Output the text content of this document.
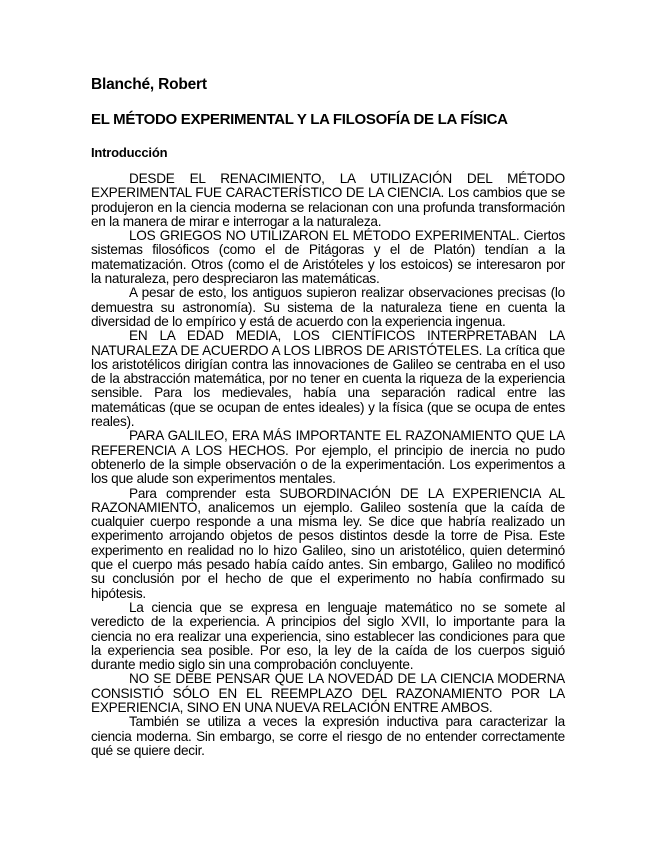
Blanché, Robert
EL MÉTODO EXPERIMENTAL Y LA FILOSOFÍA DE LA FÍSICA
Introducción

DESDE EL RENACIMIENTO, LA UTILIZACIÓN DEL MÉTODO EXPERIMENTAL FUE CARACTERÍSTICO DE LA CIENCIA. Los cambios que se produjeron en la ciencia moderna se relacionan con una profunda transformación en la manera de mirar e interrogar a la naturaleza.

LOS GRIEGOS NO UTILIZARON EL MÉTODO EXPERIMENTAL. Ciertos sistemas filosóficos (como el de Pitágoras y el de Platón) tendían a la matematización. Otros (como el de Aristóteles y los estoicos) se interesaron por la naturaleza, pero despreciaron las matemáticas.

A pesar de esto, los antiguos supieron realizar observaciones precisas (lo demuestra su astronomía). Su sistema de la naturaleza tiene en cuenta la diversidad de lo empírico y está de acuerdo con la experiencia ingenua.

EN LA EDAD MEDIA, LOS CIENTÍFICOS INTERPRETABAN LA NATURALEZA DE ACUERDO A LOS LIBROS DE ARISTÓTELES. La crítica que los aristotélicos dirigían contra las innovaciones de Galileo se centraba en el uso de la abstracción matemática, por no tener en cuenta la riqueza de la experiencia sensible. Para los medievales, había una separación radical entre las matemáticas (que se ocupan de entes ideales) y la física (que se ocupa de entes reales).

PARA GALILEO, ERA MÁS IMPORTANTE EL RAZONAMIENTO QUE LA REFERENCIA A LOS HECHOS. Por ejemplo, el principio de inercia no pudo obtenerlo de la simple observación o de la experimentación. Los experimentos a los que alude son experimentos mentales.

Para comprender esta SUBORDINACIÓN DE LA EXPERIENCIA AL RAZONAMIENTO, analicemos un ejemplo. Galileo sostenía que la caída de cualquier cuerpo responde a una misma ley. Se dice que habría realizado un experimento arrojando objetos de pesos distintos desde la torre de Pisa. Este experimento en realidad no lo hizo Galileo, sino un aristotélico, quien determinó que el cuerpo más pesado había caído antes. Sin embargo, Galileo no modificó su conclusión por el hecho de que el experimento no había confirmado su hipótesis.

La ciencia que se expresa en lenguaje matemático no se somete al veredicto de la experiencia. A principios del siglo XVII, lo importante para la ciencia no era realizar una experiencia, sino establecer las condiciones para que la experiencia sea posible. Por eso, la ley de la caída de los cuerpos siguió durante medio siglo sin una comprobación concluyente.

NO SE DEBE PENSAR QUE LA NOVEDAD DE LA CIENCIA MODERNA CONSISTIÓ SÓLO EN EL REEMPLAZO DEL RAZONAMIENTO POR LA EXPERIENCIA, SINO EN UNA NUEVA RELACIÓN ENTRE AMBOS.

También se utiliza a veces la expresión inductiva para caracterizar la ciencia moderna. Sin embargo, se corre el riesgo de no entender correctamente qué se quiere decir.
